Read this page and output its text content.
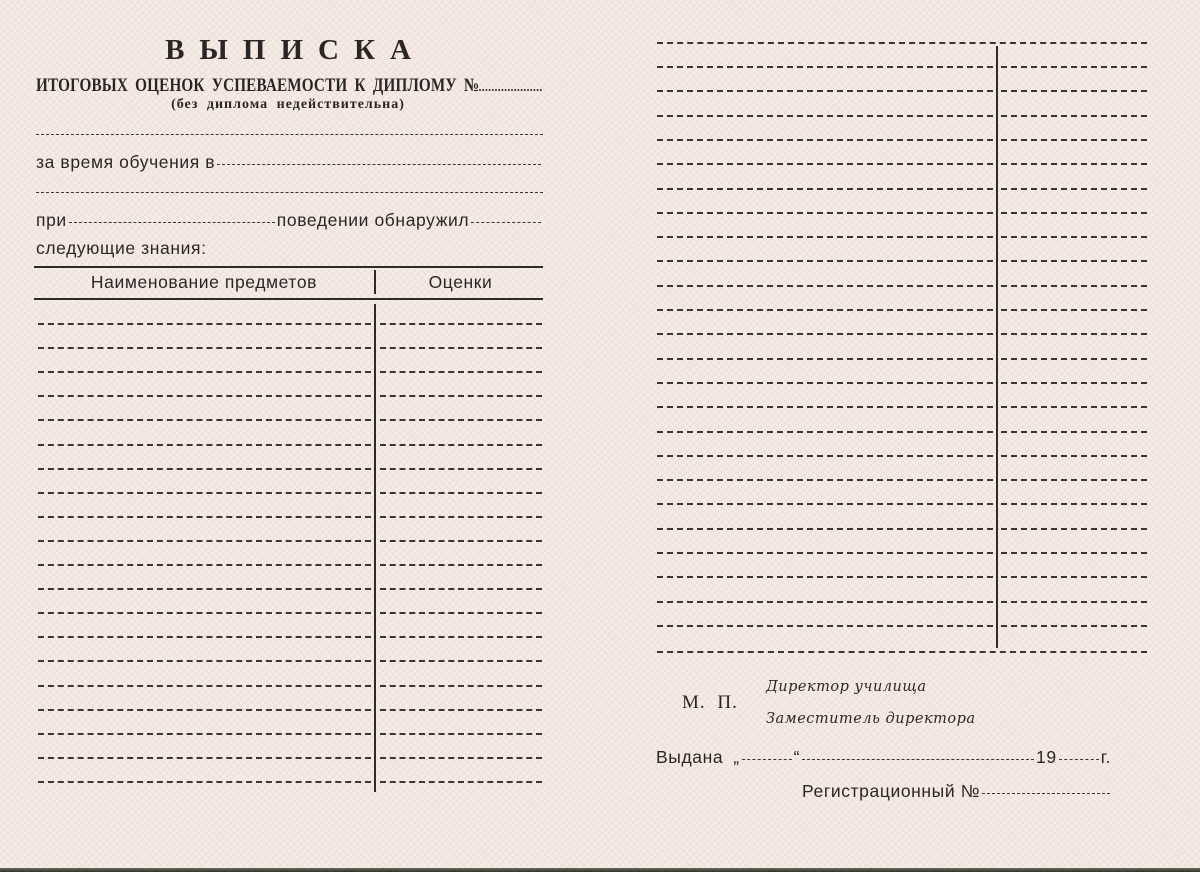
ВЫПИСКА
ИТОГОВЫХ ОЦЕНОК УСПЕВАЕМОСТИ К ДИПЛОМУ №
(без диплома недействительна)
за время обучения в
при	поведении обнаружил
следующие знания:
Наименование предметов	Оценки
М. П.
Директор училища
Заместитель директора
Выдана „	“	19	г.
Регистрационный №
